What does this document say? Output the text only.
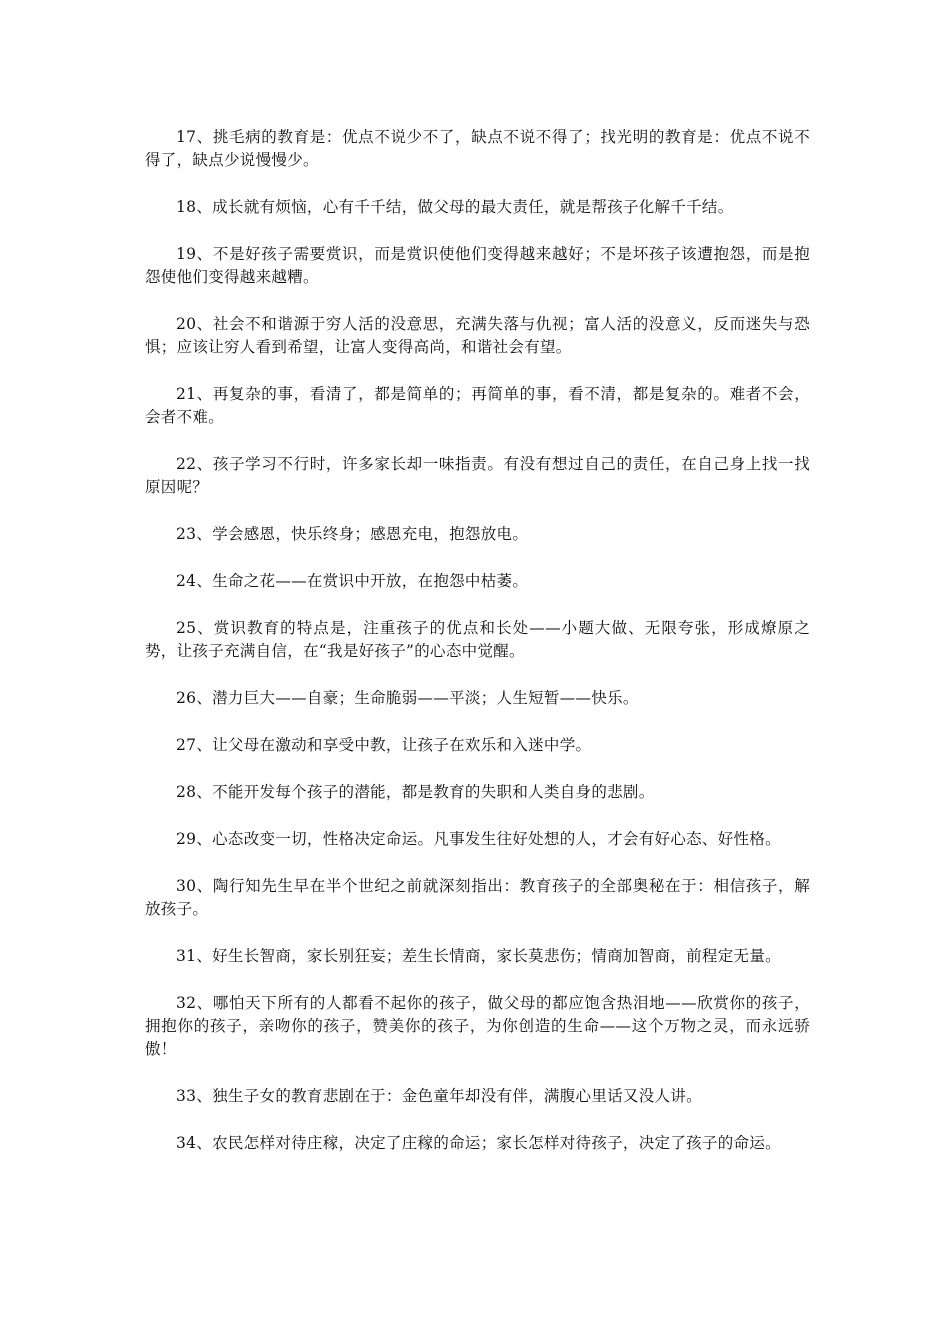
17、挑毛病的教育是：优点不说少不了，缺点不说不得了；找光明的教育是：优点不说不得了，缺点少说慢慢少。

18、成长就有烦恼，心有千千结，做父母的最大责任，就是帮孩子化解千千结。

19、不是好孩子需要赏识，而是赏识使他们变得越来越好；不是坏孩子该遭抱怨，而是抱怨使他们变得越来越糟。

20、社会不和谐源于穷人活的没意思，充满失落与仇视；富人活的没意义，反而迷失与恐惧；应该让穷人看到希望，让富人变得高尚，和谐社会有望。

21、再复杂的事，看清了，都是简单的；再简单的事，看不清，都是复杂的。难者不会，会者不难。

22、孩子学习不行时，许多家长却一味指责。有没有想过自己的责任，在自己身上找一找原因呢？

23、学会感恩，快乐终身；感恩充电，抱怨放电。

24、生命之花——在赏识中开放，在抱怨中枯萎。

25、赏识教育的特点是，注重孩子的优点和长处——小题大做、无限夸张，形成燎原之势，让孩子充满自信，在“我是好孩子”的心态中觉醒。

26、潜力巨大——自豪；生命脆弱——平淡；人生短暂——快乐。

27、让父母在激动和享受中教，让孩子在欢乐和入迷中学。

28、不能开发每个孩子的潜能，都是教育的失职和人类自身的悲剧。

29、心态改变一切，性格决定命运。凡事发生往好处想的人，才会有好心态、好性格。

30、陶行知先生早在半个世纪之前就深刻指出：教育孩子的全部奥秘在于：相信孩子，解放孩子。

31、好生长智商，家长别狂妄；差生长情商，家长莫悲伤；情商加智商，前程定无量。

32、哪怕天下所有的人都看不起你的孩子，做父母的都应饱含热泪地——欣赏你的孩子，拥抱你的孩子，亲吻你的孩子，赞美你的孩子，为你创造的生命——这个万物之灵，而永远骄傲！

33、独生子女的教育悲剧在于：金色童年却没有伴，满腹心里话又没人讲。

34、农民怎样对待庄稼，决定了庄稼的命运；家长怎样对待孩子，决定了孩子的命运。
